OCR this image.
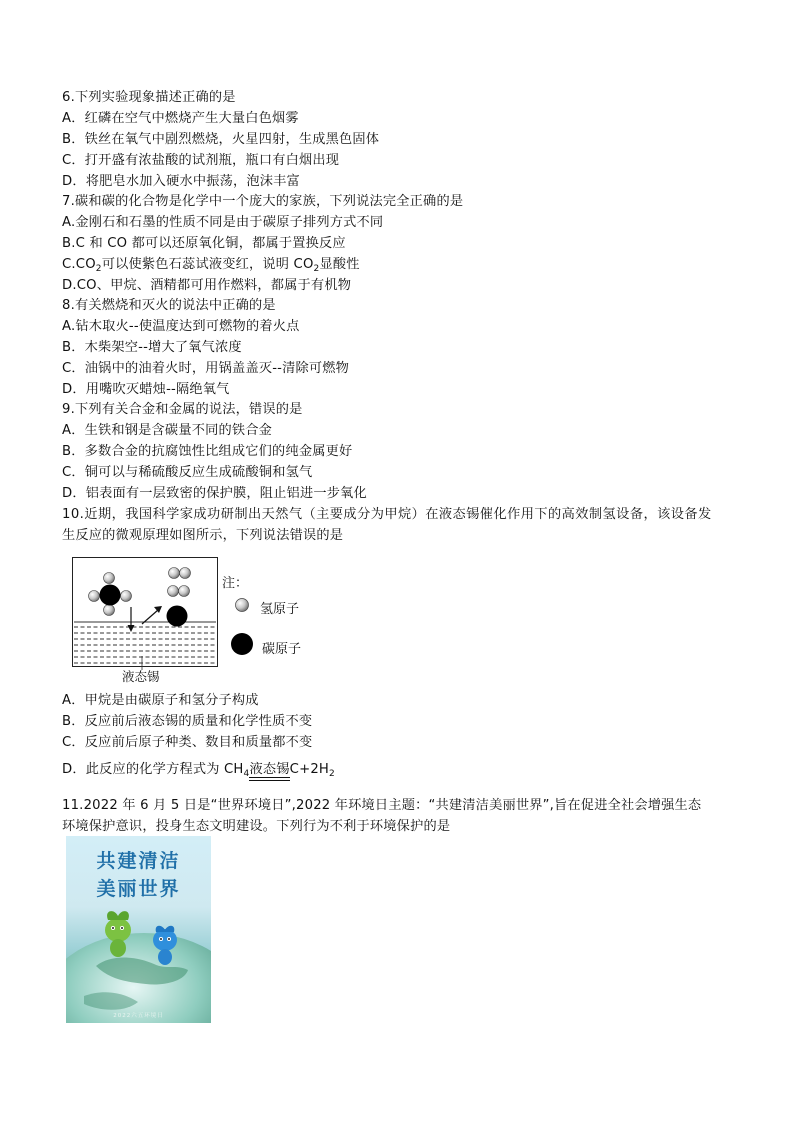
6.下列实验现象描述正确的是
A．红磷在空气中燃烧产生大量白色烟雾
B．铁丝在氧气中剧烈燃烧，火星四射，生成黑色固体
C．打开盛有浓盐酸的试剂瓶，瓶口有白烟出现
D．将肥皂水加入硬水中振荡，泡沫丰富
7.碳和碳的化合物是化学中一个庞大的家族，下列说法完全正确的是
A.金刚石和石墨的性质不同是由于碳原子排列方式不同
B.C 和 CO 都可以还原氧化铜，都属于置换反应
$C.CO_2$可以使紫色石蕊试液变红，说明 $CO_2$显酸性
D.CO、甲烷、酒精都可用作燃料，都属于有机物
8.有关燃烧和灭火的说法中正确的是
A.钻木取火--使温度达到可燃物的着火点
B．木柴架空--增大了氧气浓度
C．油锅中的油着火时，用锅盖盖灭--清除可燃物
D．用嘴吹灭蜡烛--隔绝氧气
9.下列有关合金和金属的说法，错误的是
A．生铁和钢是含碳量不同的铁合金
B．多数合金的抗腐蚀性比组成它们的纯金属更好
C．铜可以与稀硫酸反应生成硫酸铜和氢气
D．铝表面有一层致密的保护膜，阻止铝进一步氧化
10.近期，我国科学家成功研制出天然气（主要成分为甲烷）在液态锡催化作用下的高效制氢设备，该设备发
生反应的微观原理如图所示，下列说法错误的是
液态锡
注：
氢原子
碳原子
A．甲烷是由碳原子和氢分子构成
B．反应前后液态锡的质量和化学性质不变
C．反应前后原子种类、数目和质量都不变
D．此反应的化学方程式为 $CH_4$液态锡$C+2H_2$
11.2022 年 6 月 5 日是“世界环境日”,2022 年环境日主题：“共建清洁美丽世界”,旨在促进全社会增强生态
环境保护意识，投身生态文明建设。下列行为不利于环境保护的是
共建清洁
美丽世界
2022六五环境日
